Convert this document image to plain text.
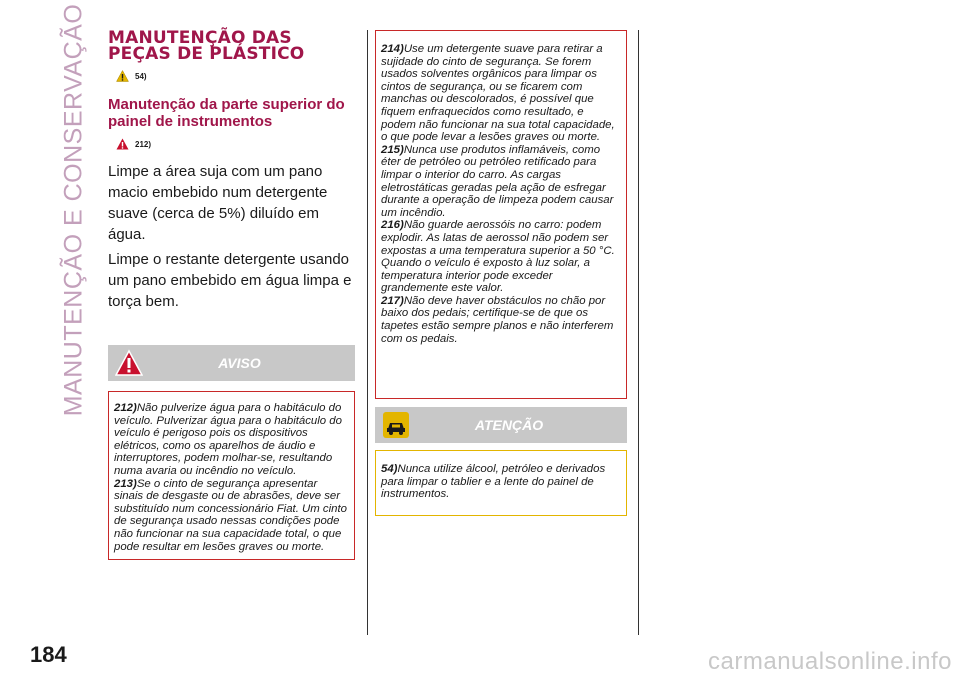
MANUTENÇÃO E CONSERVAÇÃO MANUTENÇÃO DAS
PEÇAS DE PLÁSTICO
54)
Manutenção da parte superior do painel de instrumentos
212)

Limpe a área suja com um pano macio embebido num detergente suave (cerca de 5%) diluído em água.

Limpe o restante detergente usando um pano embebido em água limpa e torça bem.

AVISO

212)Não pulverize água para o habitáculo do veículo. Pulverizar água para o habitáculo do veículo é perigoso pois os dispositivos elétricos, como os aparelhos de áudio e interruptores, podem molhar-se, resultando numa avaria ou incêndio no veículo.

213)Se o cinto de segurança apresentar sinais de desgaste ou de abrasões, deve ser substituído num concessionário Fiat. Um cinto de segurança usado nessas condições pode não funcionar na sua capacidade total, o que pode resultar em lesões graves ou morte.

214)Use um detergente suave para retirar a sujidade do cinto de segurança. Se forem usados solventes orgânicos para limpar os cintos de segurança, ou se ficarem com manchas ou descolorados, é possível que fiquem enfraquecidos como resultado, e podem não funcionar na sua total capacidade, o que pode levar a lesões graves ou morte.

215)Nunca use produtos inflamáveis, como éter de petróleo ou petróleo retificado para limpar o interior do carro. As cargas eletrostáticas geradas pela ação de esfregar durante a operação de limpeza podem causar um incêndio.

216)Não guarde aerossóis no carro: podem explodir. As latas de aerossol não podem ser expostas a uma temperatura superior a 50 °C. Quando o veículo é exposto à luz solar, a temperatura interior pode exceder grandemente este valor.

217)Não deve haver obstáculos no chão por baixo dos pedais; certifique-se de que os tapetes estão sempre planos e não interferem com os pedais.

ATENÇÃO

54)Nunca utilize álcool, petróleo e derivados para limpar o tablier e a lente do painel de instrumentos.

184	carmanualsonline.info
